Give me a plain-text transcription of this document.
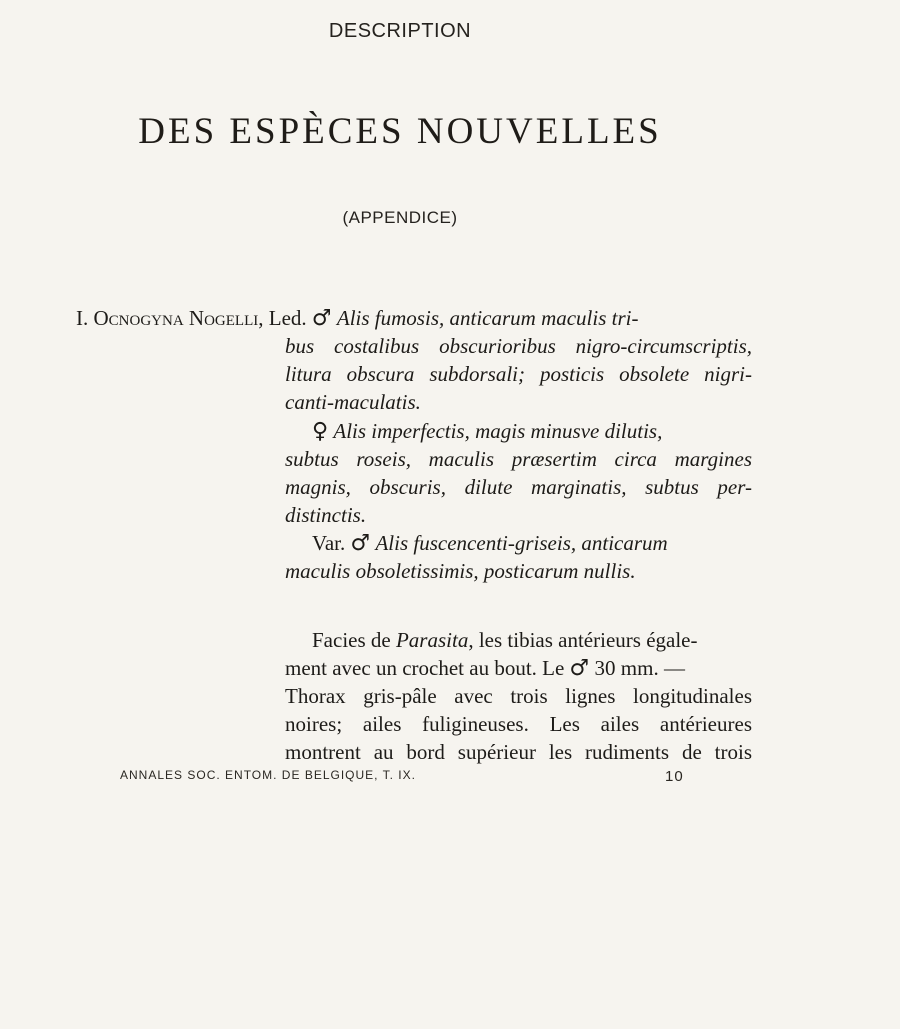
DESCRIPTION
DES ESPÈCES NOUVELLES
(APPENDICE)
I. Ocnogyna Nogelli, Led. ♂ Alis fumosis, anticarum maculis tri-
bus costalibus obscurioribus nigro-circumscriptis,
litura obscura subdorsali; posticis obsolete nigri-
canti-maculatis.
♀ Alis imperfectis, magis minusve dilutis,
subtus roseis, maculis præsertim circa margines
magnis, obscuris, dilute marginatis, subtus per-
distinctis.
Var. ♂ Alis fuscencenti-griseis, anticarum
maculis obsoletissimis, posticarum nullis.
Facies de Parasita, les tibias antérieurs égale-
ment avec un crochet au bout. Le ♂ 30 mm. —
Thorax gris-pâle avec trois lignes longitudinales
noires; ailes fuligineuses. Les ailes antérieures
montrent au bord supérieur les rudiments de trois
ANNALES SOC. ENTOM. DE BELGIQUE, T. IX.	10
